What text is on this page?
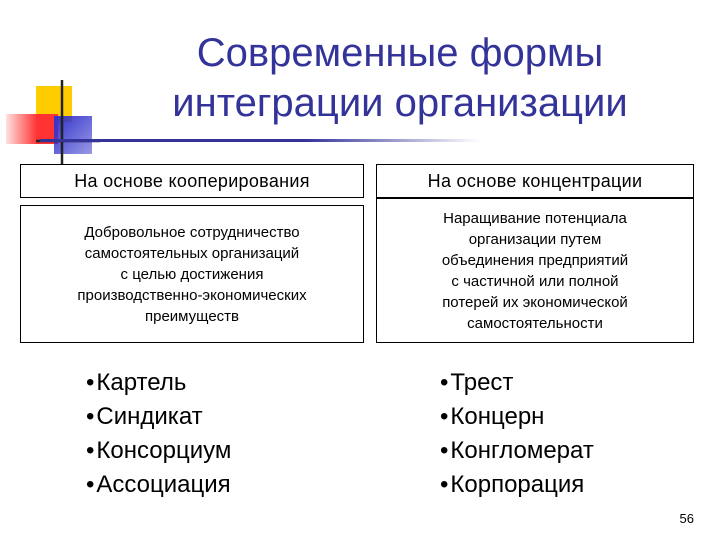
Современные формы
интеграции организации
На основе кооперирования
Добровольное сотрудничество
самостоятельных организаций
с целью достижения
производственно-экономических
преимуществ
• Картель
• Синдикат
• Консорциум
• Ассоциация
На основе концентрации
Наращивание потенциала
организации путем
объединения предприятий
с частичной или полной
потерей их экономической
самостоятельности
• Трест
• Концерн
• Конгломерат
• Корпорация
56
